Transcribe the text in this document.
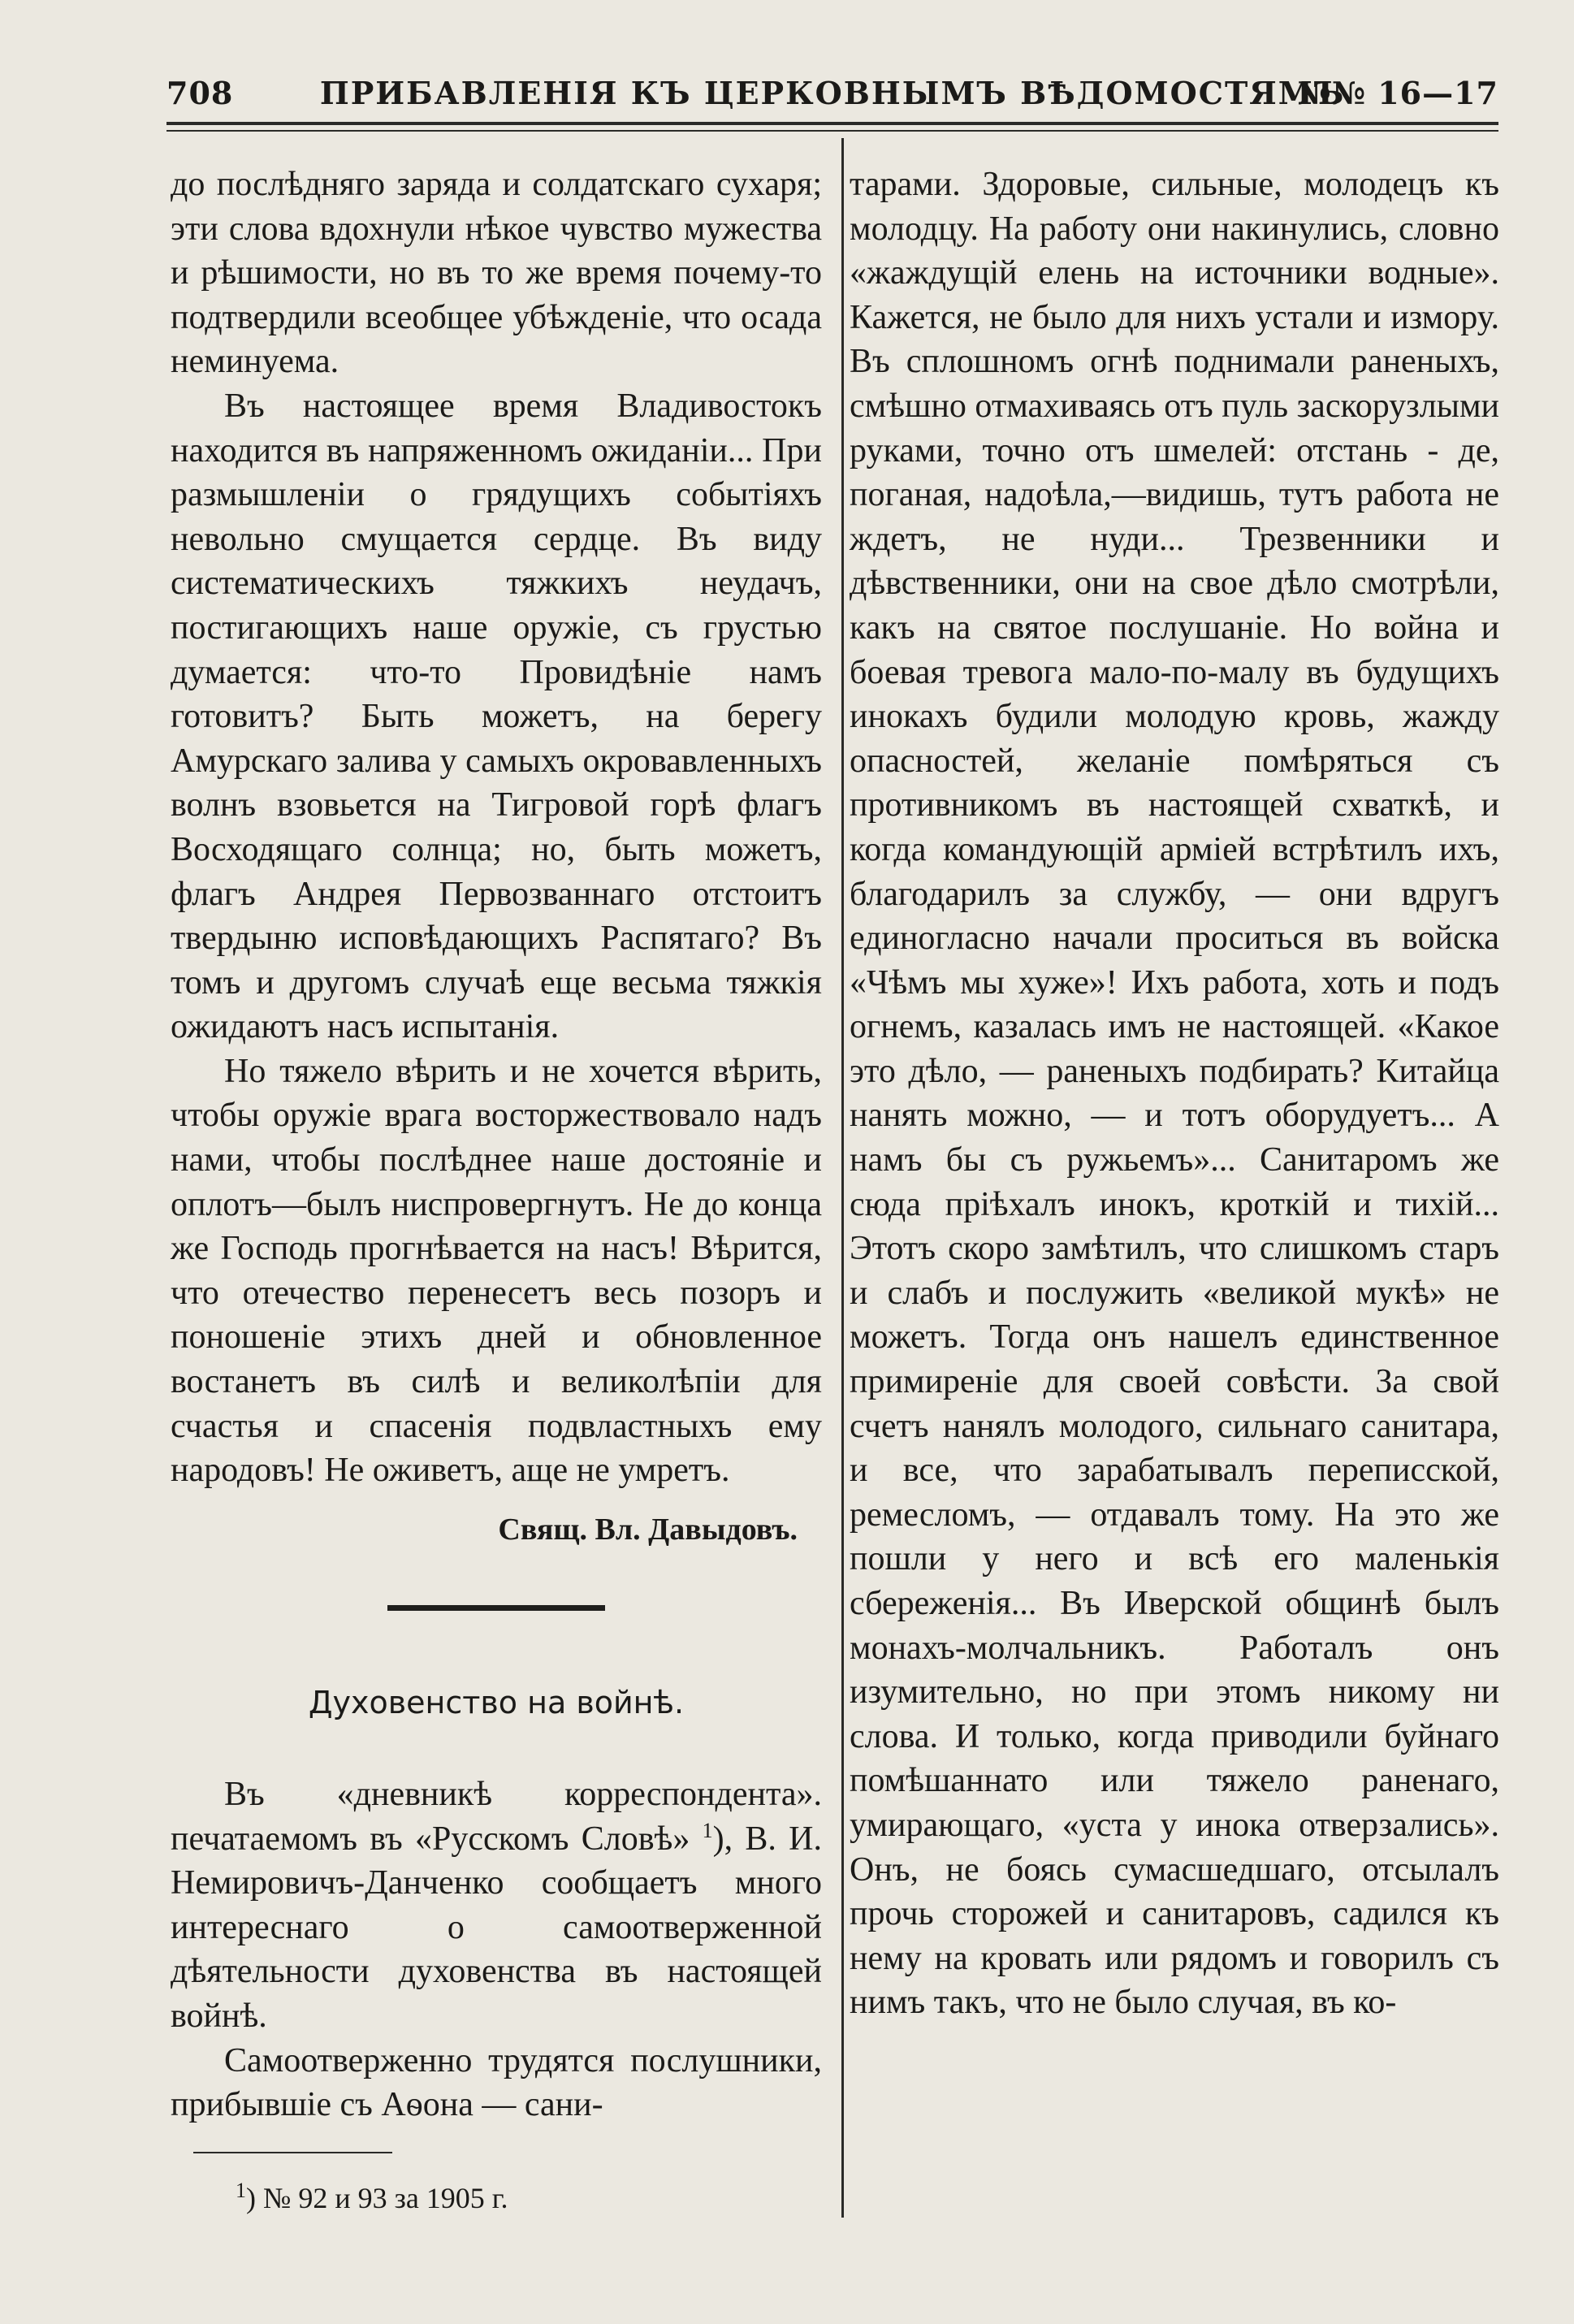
708	ПРИБАВЛЕНІЯ КЪ ЦЕРКОВНЫМЪ ВѢДОМОСТЯМЪ
№№ 16—17

до послѣдняго заряда и солдатскаго сухаря; эти слова вдохнули нѣкое чувство мужества и рѣшимости, но въ то же время почему-то подтвердили всеобщее убѣжденіе, что осада неминуема.

Въ настоящее время Владивостокъ находится въ напряженномъ ожиданіи... При размышленіи о грядущихъ событіяхъ невольно смущается сердце. Въ виду систематическихъ тяжкихъ неудачъ, постигающихъ наше оружіе, съ грустью думается: что-то Провидѣніе намъ готовитъ? Быть можетъ, на берегу Амурскаго залива у самыхъ окровавленныхъ волнъ взовьется на Тигровой горѣ флагъ Восходящаго солнца; но, быть можетъ, флагъ Андрея Первозваннаго отстоитъ твердыню исповѣдающихъ Распятаго? Въ томъ и другомъ случаѣ еще весьма тяжкія ожидаютъ насъ испытанія.

Но тяжело вѣрить и не хочется вѣрить, чтобы оружіе врага восторжествовало надъ нами, чтобы послѣднее наше достояніе и оплотъ—былъ ниспровергнутъ. Не до конца же Господь прогнѣвается на насъ! Вѣрится, что отечество перенесетъ весь позоръ и поношеніе этихъ дней и обновленное востанетъ въ силѣ и великолѣпіи для счастья и спасенія подвластныхъ ему народовъ! Не оживетъ, аще не умретъ.

Свящ. Вл. Давыдовъ.
Духовенство на войнѣ.

Въ «дневникѣ корреспондента». печатаемомъ въ «Русскомъ Словѣ» $^1$), В. И. Немировичъ-Данченко сообщаетъ много интереснаго о самоотверженной дѣятельности духовенства въ настоящей войнѣ.

Самоотверженно трудятся послушники, прибывшіе съ Аѳона — сани-

$^1$) № 92 и 93 за 1905 г.

тарами. Здоровые, сильные, молодецъ къ молодцу. На работу они накинулись, словно «жаждущій елень на источники водные». Кажется, не было для нихъ устали и измору. Въ сплошномъ огнѣ поднимали раненыхъ, смѣшно отмахиваясь отъ пуль заскорузлыми руками, точно отъ шмелей: отстань - де, поганая, надоѣла,—видишь, тутъ работа не ждетъ, не нуди... Трезвенники и дѣвственники, они на свое дѣло смотрѣли, какъ на святое послушаніе. Но война и боевая тревога мало-по-малу въ будущихъ инокахъ будили молодую кровь, жажду опасностей, желаніе помѣряться съ противникомъ въ настоящей схваткѣ, и когда командующій арміей встрѣтилъ ихъ, благодарилъ за службу, — они вдругъ единогласно начали проситься въ войска «Чѣмъ мы хуже»! Ихъ работа, хоть и подъ огнемъ, казалась имъ не настоящей. «Какое это дѣло, — раненыхъ подбирать? Китайца нанять можно, — и тотъ оборудуетъ... А намъ бы съ ружьемъ»... Санитаромъ же сюда пріѣхалъ инокъ, кроткій и тихій... Этотъ скоро замѣтилъ, что слишкомъ старъ и слабъ и послужить «великой мукѣ» не можетъ. Тогда онъ нашелъ единственное примиреніе для своей совѣсти. За свой счетъ нанялъ молодого, сильнаго санитара, и все, что зарабатывалъ переписской, ремесломъ, — отдавалъ тому. На это же пошли у него и всѣ его маленькія сбереженія... Въ Иверской общинѣ былъ монахъ-молчальникъ. Работалъ онъ изумительно, но при этомъ никому ни слова. И только, когда приводили буйнаго помѣшаннато или тяжело раненаго, умирающаго, «уста у инока отверзались». Онъ, не боясь сумасшедшаго, отсылалъ прочь сторожей и санитаровъ, садился къ нему на кровать или рядомъ и говорилъ съ нимъ такъ, что не было случая, въ ко-
